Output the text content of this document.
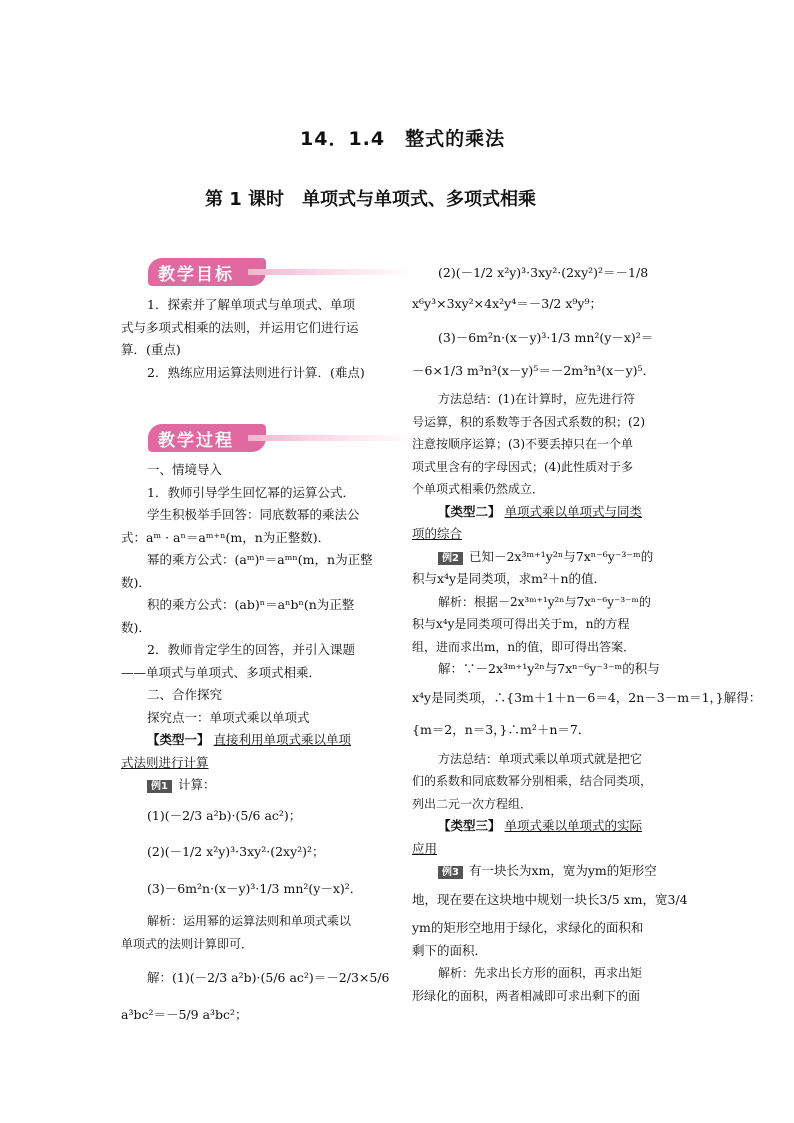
14．1.4　整式的乘法
第 1 课时　单项式与单项式、多项式相乘
教学目标

1．探索并了解单项式与单项式、单项

式与多项式相乘的法则，并运用它们进行运

算．(重点)

2．熟练应用运算法则进行计算．(难点)

教学过程

一、情境导入

1．教师引导学生回忆幂的运算公式．

学生积极举手回答：同底数幂的乘法公

式：aᵐ · aⁿ＝aᵐ⁺ⁿ(m，n为正整数)．

幂的乘方公式：(aᵐ)ⁿ＝aᵐⁿ(m，n为正整

数)．

积的乘方公式：(ab)ⁿ＝aⁿbⁿ(n为正整

数)．

2．教师肯定学生的回答，并引入课题

——单项式与单项式、多项式相乘．

二、合作探究

探究点一：单项式乘以单项式

【类型一】 直接利用单项式乘以单项

式法则进行计算

例1 计算：

(1)(－2/3 a²b)·(5/6 ac²)；

(2)(－1/2 x²y)³·3xy²·(2xy²)²；

(3)－6m²n·(x－y)³·1/3 mn²(y－x)²．

解析：运用幂的运算法则和单项式乘以

单项式的法则计算即可．

解：(1)(－2/3 a²b)·(5/6 ac²)＝－2/3×5/6

a³bc²＝－5/9 a³bc²；

(2)(－1/2 x²y)³·3xy²·(2xy²)²＝－1/8

x⁶y³×3xy²×4x²y⁴＝－3/2 x⁹y⁹；

(3)－6m²n·(x－y)³·1/3 mn²(y－x)²＝

－6×1/3 m³n³(x－y)⁵＝－2m³n³(x－y)⁵．

方法总结：(1)在计算时，应先进行符

号运算，积的系数等于各因式系数的积；(2)

注意按顺序运算；(3)不要丢掉只在一个单

项式里含有的字母因式；(4)此性质对于多

个单项式相乘仍然成立．

【类型二】 单项式乘以单项式与同类

项的综合

例2 已知－2x³ᵐ⁺¹y²ⁿ与7xⁿ⁻⁶y⁻³⁻ᵐ的

积与x⁴y是同类项，求m²＋n的值．

解析：根据－2x³ᵐ⁺¹y²ⁿ与7xⁿ⁻⁶y⁻³⁻ᵐ的

积与x⁴y是同类项可得出关于m，n的方程

组，进而求出m，n的值，即可得出答案．

解：∵－2x³ᵐ⁺¹y²ⁿ与7xⁿ⁻⁶y⁻³⁻ᵐ的积与

x⁴y是同类项，∴{3m＋1＋n－6＝4，2n－3－m＝1，}解得：

{m＝2，n＝3，}∴m²＋n＝7．

方法总结：单项式乘以单项式就是把它

们的系数和同底数幂分别相乘，结合同类项，

列出二元一次方程组．

【类型三】 单项式乘以单项式的实际

应用

例3 有一块长为xm，宽为ym的矩形空

地，现在要在这块地中规划一块长3/5 xm，宽3/4

ym的矩形空地用于绿化，求绿化的面积和

剩下的面积．

解析：先求出长方形的面积，再求出矩

形绿化的面积，两者相减即可求出剩下的面
